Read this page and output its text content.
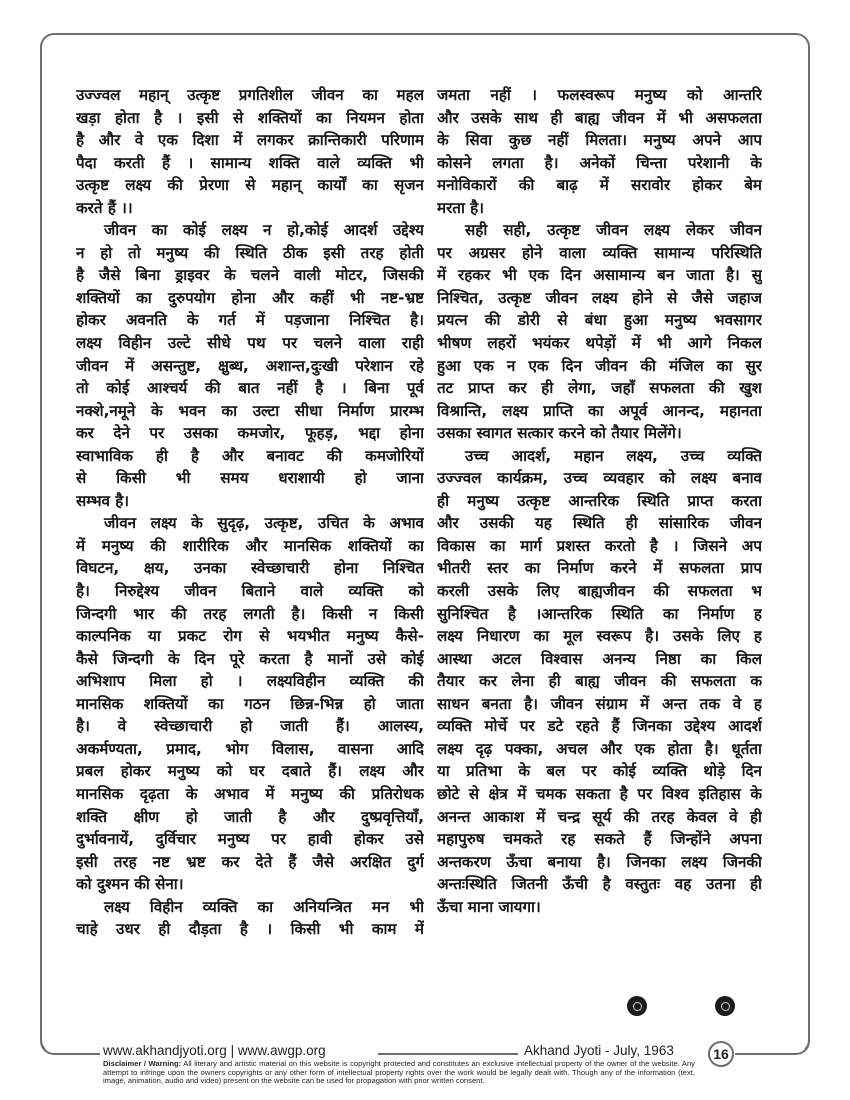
उज्ज्वल महान् उत्कृष्ट प्रगतिशील जीवन का महल
खड़ा होता है । इसी से शक्तियों का नियमन होता
है और वे एक दिशा में लगकर क्रान्तिकारी परिणाम
पैदा करती हैं । सामान्य शक्ति वाले व्यक्ति भी
उत्कृष्ट लक्ष्य की प्रेरणा से महान् कार्यों का सृजन
करते हैं ।।
जीवन का कोई लक्ष्य न हो,कोई आदर्श उद्देश्य
न हो तो मनुष्य की स्थिति ठीक इसी तरह होती
है जैसे बिना ड्राइवर के चलने वाली मोटर, जिसकी
शक्तियों का दुरुपयोग होना और कहीं भी नष्ट-भ्रष्ट
होकर अवनति के गर्त में पड़जाना निश्चित है।
लक्ष्य विहीन उल्टे सीधे पथ पर चलने वाला राही
जीवन में असन्तुष्ट, क्षुब्ध, अशान्त,दुःखी परेशान रहे
तो कोई आश्चर्य की बात नहीं है । बिना पूर्व
नक्शे,नमूने के भवन का उल्टा सीधा निर्माण प्रारम्भ
कर देने पर उसका कमजोर, फूहड़, भद्दा होना
स्वाभाविक ही है और बनावट की कमजोरियों
से किसी भी समय धराशायी हो जाना
सम्भव है।
जीवन लक्ष्य के सुदृढ़, उत्कृष्ट, उचित के अभाव
में मनुष्य की शारीरिक और मानसिक शक्तियों का
विघटन, क्षय, उनका स्वेच्छाचारी होना निश्चित
है। निरुद्देश्य जीवन बिताने वाले व्यक्ति को
जिन्दगी भार की तरह लगती है। किसी न किसी
काल्पनिक या प्रकट रोग से भयभीत मनुष्य कैसे-
कैसे जिन्दगी के दिन पूरे करता है मानों उसे कोई
अभिशाप मिला हो । लक्ष्यविहीन व्यक्ति की
मानसिक शक्तियों का गठन छिन्न-भिन्न हो जाता
है। वे स्वेच्छाचारी हो जाती हैं। आलस्य,
अकर्मण्यता, प्रमाद, भोग विलास, वासना आदि
प्रबल होकर मनुष्य को घर दबाते हैं। लक्ष्य और
मानसिक दृढ़ता के अभाव में मनुष्य की प्रतिरोधक
शक्ति क्षीण हो जाती है और दुष्प्रवृत्तियाँ,
दुर्भावनायें, दुर्विचार मनुष्य पर हावी होकर उसे
इसी तरह नष्ट भ्रष्ट कर देते हैं जैसे अरक्षित दुर्ग
को दुश्मन की सेना।
लक्ष्य विहीन व्यक्ति का अनियन्त्रित मन भी
चाहे उधर ही दौड़ता है । किसी भी काम में
जमता नहीं । फलस्वरूप मनुष्य को आन्तरि
और उसके साथ ही बाह्य जीवन में भी असफलता
के सिवा कुछ नहीं मिलता। मनुष्य अपने आप
कोसने लगता है। अनेकों चिन्ता परेशानी के
मनोविकारों की बाढ़ में सरावोर होकर बेम
मरता है।
सही सही, उत्कृष्ट जीवन लक्ष्य लेकर जीवन
पर अग्रसर होने वाला व्यक्ति सामान्य परिस्थिति
में रहकर भी एक दिन असामान्य बन जाता है। सु
निश्चित, उत्कृष्ट जीवन लक्ष्य होने से जैसे जहाज
प्रयत्न की डोरी से बंधा हुआ मनुष्य भवसागर
भीषण लहरों भयंकर थपेड़ों में भी आगे निकल
हुआ एक न एक दिन जीवन की मंजिल का सुर
तट प्राप्त कर ही लेगा, जहाँ सफलता की खुश
विश्रान्ति, लक्ष्य प्राप्ति का अपूर्व आनन्द, महानता
उसका स्वागत सत्कार करने को तैयार मिलेंगे।
उच्च आदर्श, महान लक्ष्य, उच्च व्यक्ति
उज्ज्वल कार्यक्रम, उच्च व्यवहार को लक्ष्य बनाव
ही मनुष्य उत्कृष्ट आन्तरिक स्थिति प्राप्त करता
और उसकी यह स्थिति ही सांसारिक जीवन
विकास का मार्ग प्रशस्त करतो है । जिसने अप
भीतरी स्तर का निर्माण करने में सफलता प्राप
करली उसके लिए बाह्यजीवन की सफलता भ
सुनिश्चित है ।आन्तरिक स्थिति का निर्माण ह
लक्ष्य निधारण का मूल स्वरूप है। उसके लिए ह
आस्था अटल विश्वास अनन्य निष्ठा का किल
तैयार कर लेना ही बाह्य जीवन की सफलता क
साधन बनता है। जीवन संग्राम में अन्त तक वे ह
व्यक्ति मोर्चे पर डटे रहते हैं जिनका उद्देश्य आदर्श
लक्ष्य दृढ़ पक्का, अचल और एक होता है। धूर्तता
या प्रतिभा के बल पर कोई व्यक्ति थोड़े दिन
छोटे से क्षेत्र में चमक सकता है पर विश्व इतिहास के
अनन्त आकाश में चन्द्र सूर्य की तरह केवल वे ही
महापुरुष चमकते रह सकते हैं जिन्होंने अपना
अन्तकरण ऊँचा बनाया है। जिनका लक्ष्य जिनकी
अन्तःस्थिति जितनी ऊँची है वस्तुतः वह उतना ही
ऊँचा माना जायगा।
www.akhandjyoti.org | www.awgp.org	Akhand Jyoti - July, 1963	16
Disclaimer / Warning: All literary and artistic material on this website is copyright protected and constitutes an exclusive intellectual property of the owner of the website. Any attempt to infringe upon the owners copyrights or any other form of intellectual property rights over the work would be legally dealt with. Though any of the information (text, image, animation, audio and video) present on the website can be used for propagation with prior written consent.
